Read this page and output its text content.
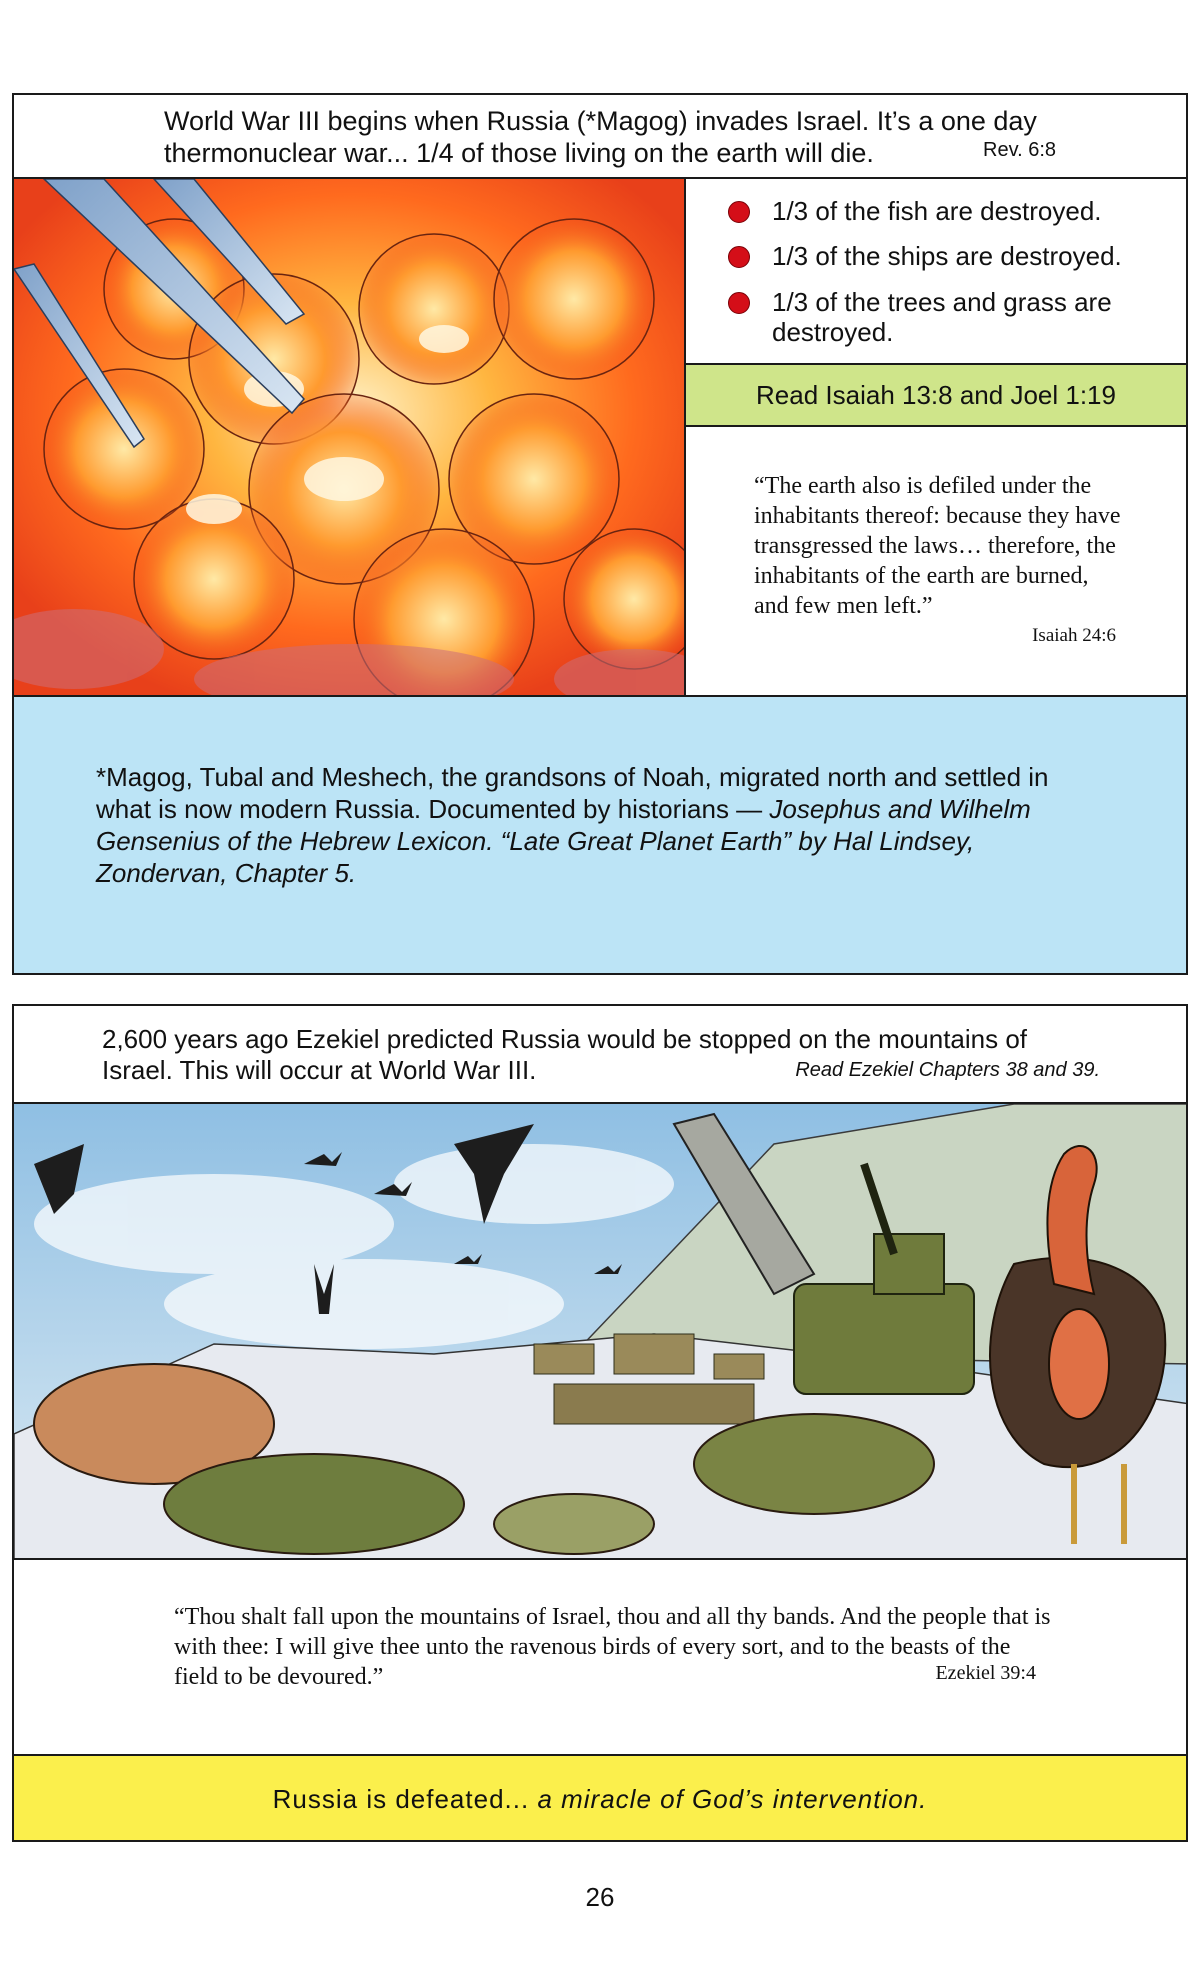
World War III begins when Russia (*Magog) invades Israel. It’s a one day
thermonuclear war... 1/4 of those living on the earth will die.	Rev. 6:8
1/3 of the fish are destroyed.
1/3 of the ships are destroyed.
1/3 of the trees and grass are destroyed.
Read Isaiah 13:8 and Joel 1:19
“The earth also is defiled under the inhabitants thereof: because they have transgressed the laws… therefore, the inhabitants of the earth are burned, and few men left.”
Isaiah 24:6
*Magog, Tubal and Meshech, the grandsons of Noah, migrated north and settled in what is now modern Russia. Documented by historians — Josephus and Wilhelm Gensenius of the Hebrew Lexicon. “Late Great Planet Earth” by Hal Lindsey, Zondervan, Chapter 5.
2,600 years ago Ezekiel predicted Russia would be stopped on the mountains of
Israel. This will occur at World War III.	Read Ezekiel Chapters 38 and 39.
“Thou shalt fall upon the mountains of Israel, thou and all thy bands. And the people that is with thee: I will give thee unto the ravenous birds of every sort, and to the beasts of the field to be devoured.”	Ezekiel 39:4
Russia is defeated... a miracle of God’s intervention.
26
